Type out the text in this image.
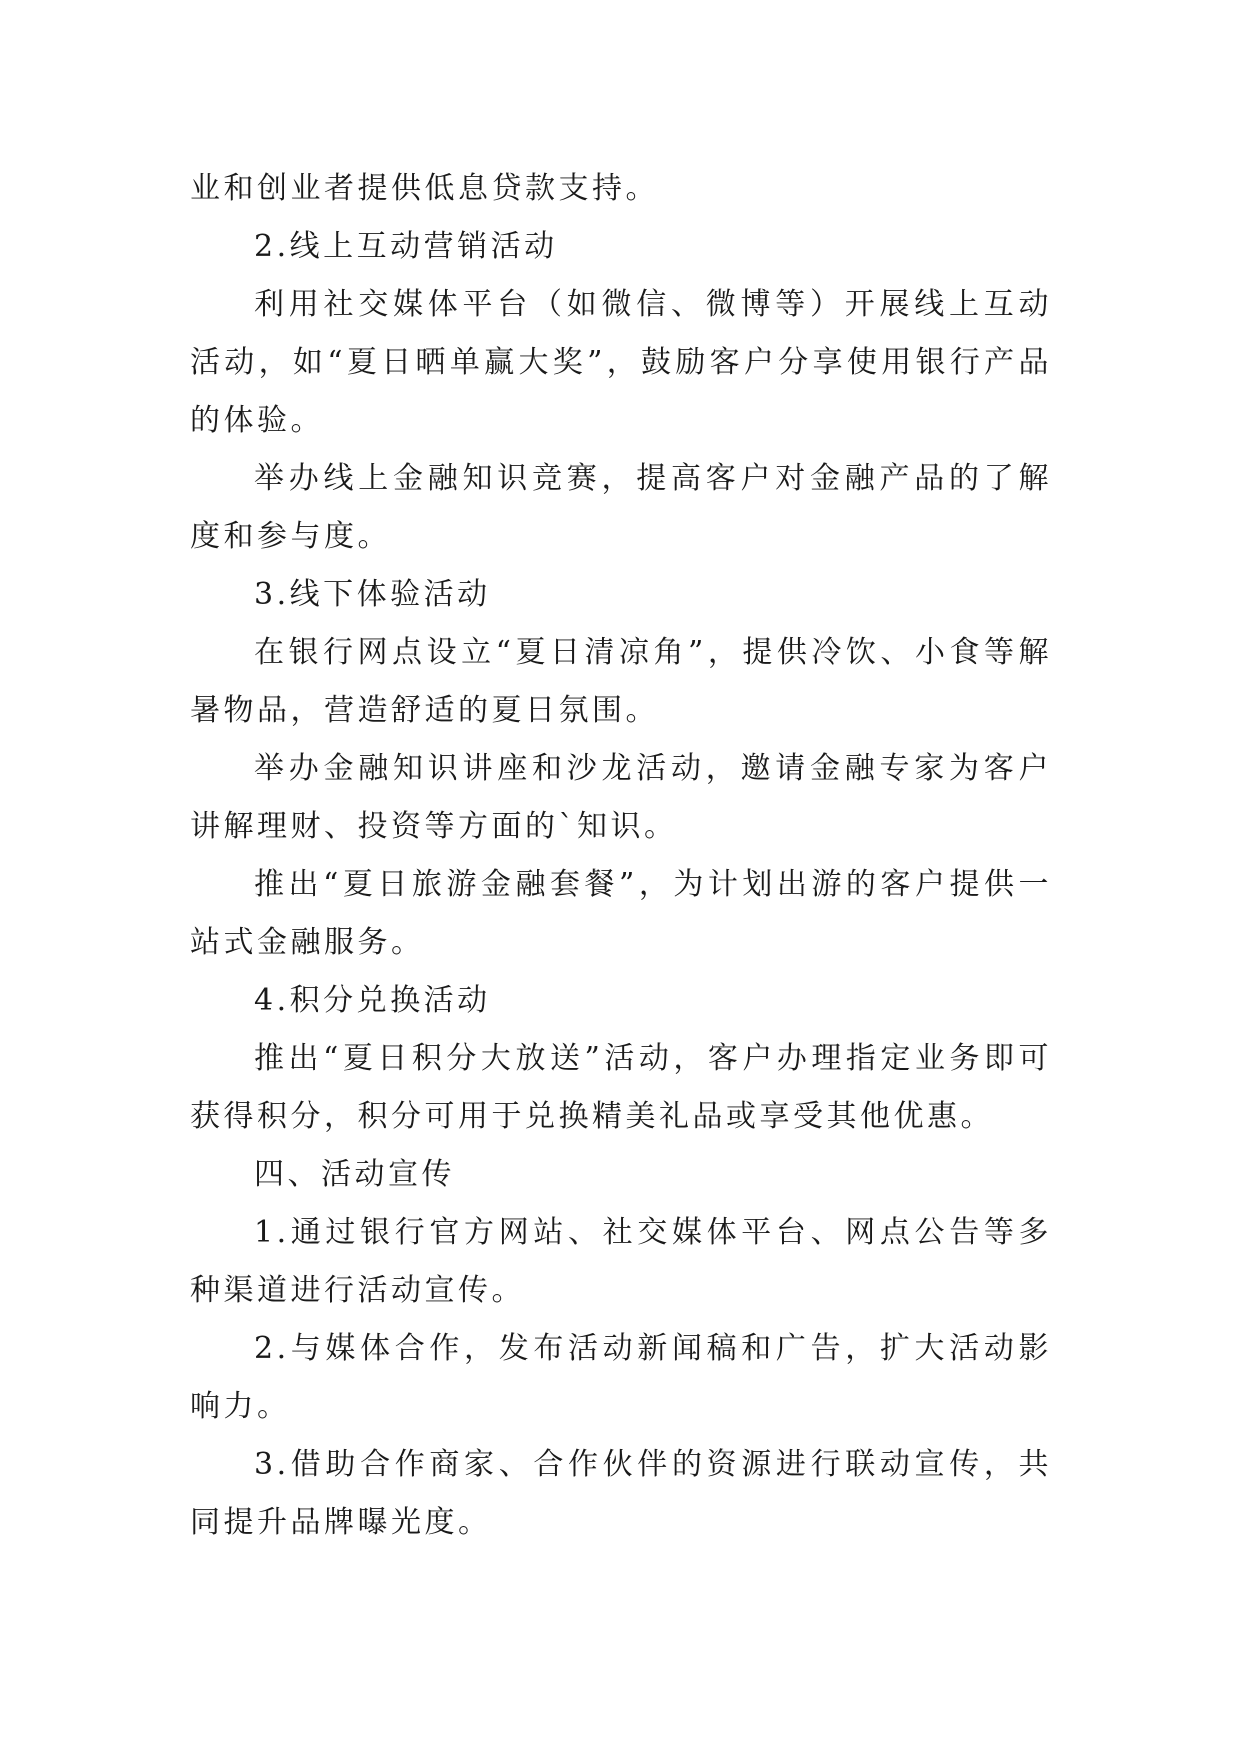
业和创业者提供低息贷款支持。

2.线上互动营销活动

利用社交媒体平台（如微信、微博等）开展线上互动活动，如“夏日晒单赢大奖”，鼓励客户分享使用银行产品的体验。

举办线上金融知识竞赛，提高客户对金融产品的了解度和参与度。

3.线下体验活动

在银行网点设立“夏日清凉角”，提供冷饮、小食等解暑物品，营造舒适的夏日氛围。

举办金融知识讲座和沙龙活动，邀请金融专家为客户讲解理财、投资等方面的`知识。

推出“夏日旅游金融套餐”，为计划出游的客户提供一站式金融服务。

4.积分兑换活动

推出“夏日积分大放送”活动，客户办理指定业务即可获得积分，积分可用于兑换精美礼品或享受其他优惠。

四、活动宣传

1.通过银行官方网站、社交媒体平台、网点公告等多种渠道进行活动宣传。

2.与媒体合作，发布活动新闻稿和广告，扩大活动影响力。

3.借助合作商家、合作伙伴的资源进行联动宣传，共同提升品牌曝光度。
